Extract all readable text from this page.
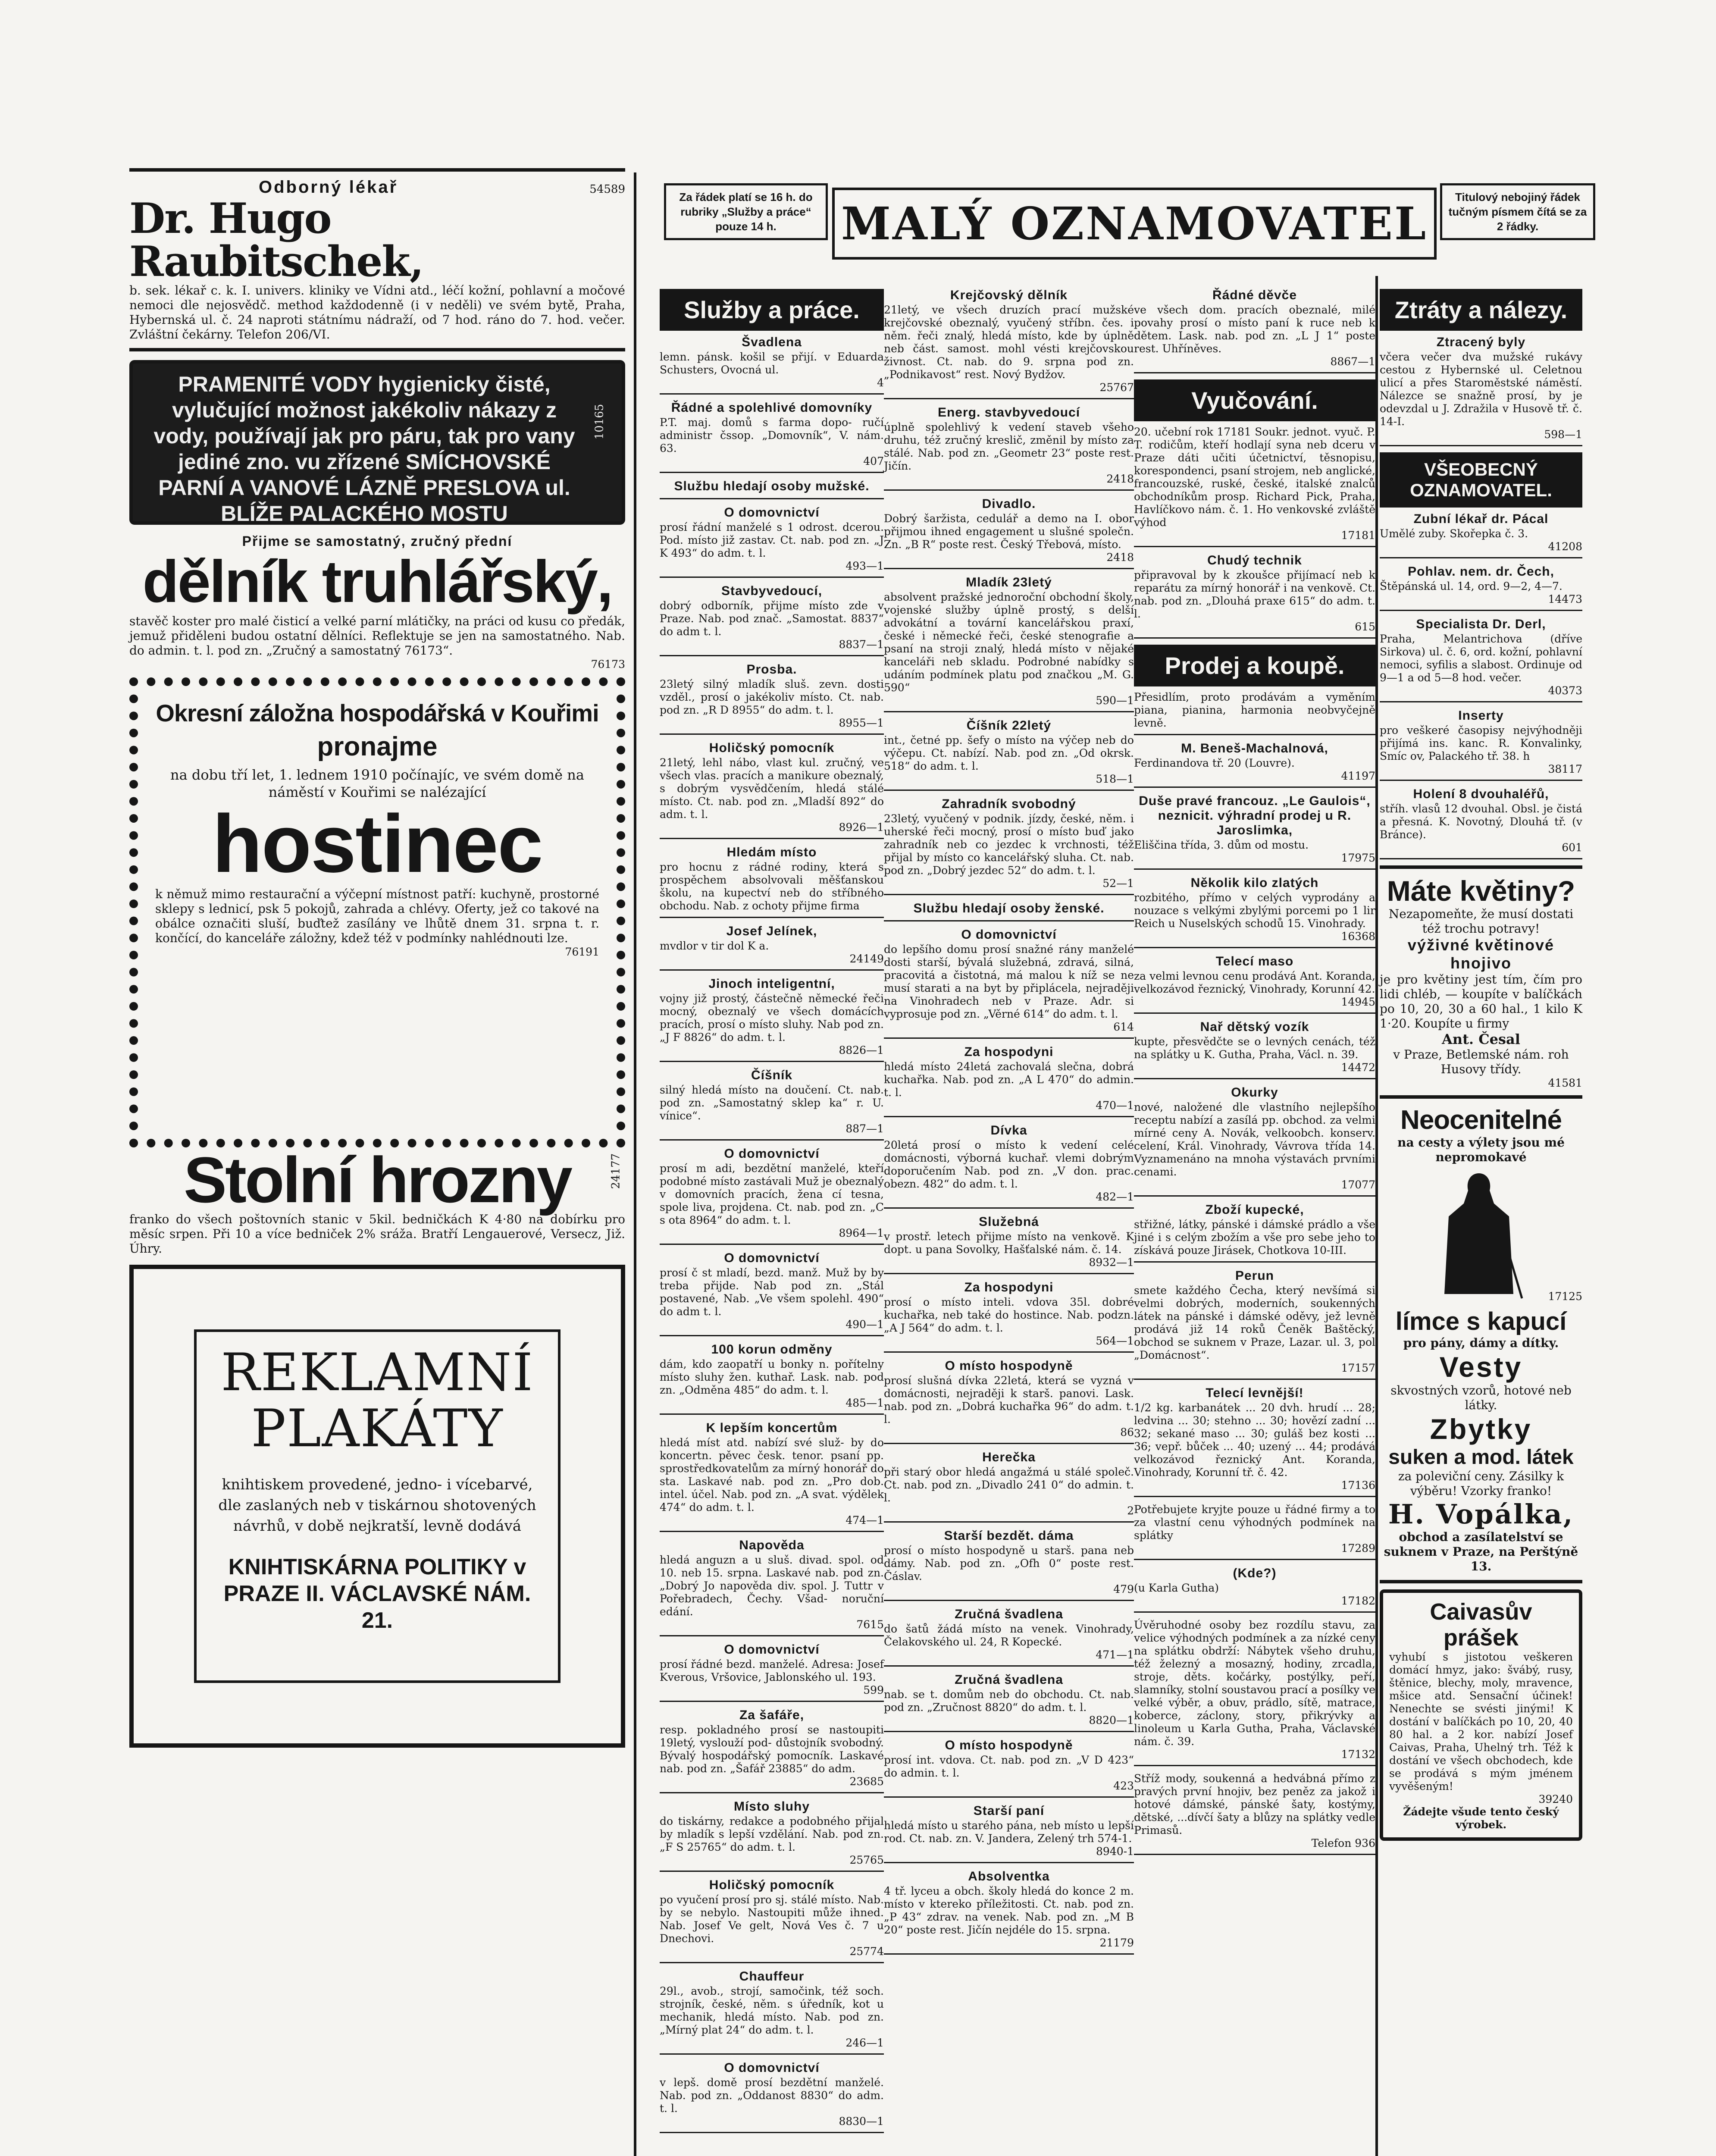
Za řádek platí se 16 h. do rubriky „Služby a práce“ pouze 14 h.	MALÝ OZNAMOVATEL	Titulový nebojiný řádek tučným písmem čítá se za 2 řádky.
Odborný lékař	54589
Dr. Hugo Raubitschek,
b. sek. lékař c. k. I. univers. kliniky ve Vídni atd., léčí kožní, pohlavní a močové nemoci dle nejosvědč. method každodenně (i v neděli) ve svém bytě, Praha, Hybernská ul. č. 24 naproti státnímu nádraží, od 7 hod. ráno do 7. hod. večer. Zvláštní čekárny. Telefon 206/VI.
PRAMENITÉ VODY hygienicky čisté, vylučující možnost jakékoliv nákazy z vody, používají jak pro páru, tak pro vany jediné zno. vu zřízené SMÍCHOVSKÉ PARNÍ A VANOVÉ LÁZNĚ PRESLOVA ul. BLÍŽE PALACKÉHO MOSTU
10165
Přijme se samostatný, zručný přední
dělník truhlářský,
stavěč koster pro malé čisticí a velké parní mlátičky, na práci od kusu co předák, jemuž přiděleni budou ostatní dělníci. Reflektuje se jen na samostatného. Nab. do admin. t. l. pod zn. „Zručný a samostatný 76173“.
76173
Okresní záložna hospodářská v Kouřimi
pronajme
na dobu tří let, 1. lednem 1910 počínajíc, ve svém domě na náměstí v Kouřimi se nalézající
hostinec
k němuž mimo restaurační a výčepní místnost patří: kuchyně, prostorné sklepy s lednicí, psk 5 pokojů, zahrada a chlévy. Oferty, jež co takové na obálce označiti sluší, buďtež zasílány ve lhůtě dnem 31. srpna t. r. končící, do kanceláře záložny, kdež též v podmínky nahlédnouti lze.
76191
Stolní hrozny	24177
franko do všech poštovních stanic v 5kil. bedničkách K 4·80 na dobírku pro měsíc srpen. Při 10 a více bedniček 2% sráža. Bratří Lengauerové, Versecz, Již. Úhry.
REKLAMNÍ PLAKÁTY
knihtiskem provedené, jedno- i vícebarvé, dle zaslaných neb v tiskárnou shotovených návrhů, v době nejkratší, levně dodává
KNIHTISKÁRNA POLITIKY v PRAZE II. VÁCLAVSKÉ NÁM. 21.
Služby a práce.
Švadlena
lemn. pánsk. košil se přijí. v Eduarda Schusters, Ovocná ul.
4
Řádné a spolehlivé domovníky
P.T. maj. domů s farma dopo- ručí administr čssop. „Domovník“, V. nám. 63.
407
Službu hledají osoby mužské.
O domovnictví
prosí řádní manželé s 1 odrost. dcerou. Pod. místo již zastav. Ct. nab. pod zn. „J K 493“ do adm. t. l.
493—1
Stavbyvedoucí,
dobrý odborník, přijme místo zde v Praze. Nab. pod znač. „Samostat. 8837“ do adm t. l.
8837—1
Prosba.
23letý silný mladík sluš. zevn. dosti vzděl., prosí o jakékoliv místo. Ct. nab. pod zn. „R D 8955“ do adm. t. l.
8955—1
Holičský pomocník
21letý, lehl nábo, vlast kul. zručný, ve všech vlas. pracích a manikure obeznalý, s dobrým vysvědčením, hledá stálé místo. Ct. nab. pod zn. „Mladší 892“ do adm. t. l.
8926—1
Hledám místo
pro hocnu z rádné rodiny, která s prospěchem absolvovali měšťanskou školu, na kupectví neb do stříbného obchodu. Nab. z ochoty přijme firma
Josef Jelínek,
mvdlor v tir dol K a.
24149
Jinoch inteligentní,
vojny již prostý, částečně německé řeči mocný, obeznalý ve všech domácích pracích, prosí o místo sluhy. Nab pod zn. „J F 8826“ do adm. t. l.
8826—1
Číšník
silný hledá místo na doučení. Ct. nab. pod zn. „Samostatný sklep ka“ r. U. vínice“.
887—1
O domovnictví
prosí m adi, bezdětní manželé, kteří podobné místo zastávali Muž je obeznalý v domovních pracích, žena cí tesna, spole liva, projdena. Ct. nab. pod zn. „C s ota 8964“ do adm. t. l.
8964—1
O domovnictví
prosí č st mladí, bezd. manž. Muž by by treba přijde. Nab pod zn. „Stál postavené, Nab. „Ve všem spolehl. 490“ do adm t. l.
490—1
100 korun odměny
dám, kdo zaopatří u bonky n. pořítelny místo sluhy žen. kuthař. Lask. nab. pod zn. „Odměna 485“ do adm. t. l.
485—1
K lepším koncertům
hledá míst atd. nabízí své služ- by do koncertn. pěvec česk. tenor. psaní pp. sprostředkovatelům za mírný honorář do sta. Laskavé nab. pod zn. „Pro dob. intel. účel. Nab. pod zn. „A svat. výdělek 474“ do adm. t. l.
474—1
Napověda
hledá anguzn a u sluš. divad. spol. od 10. neb 15. srpna. Laskavé nab. pod zn. „Dobrý Jo napověda div. spol. J. Tuttr v Pořebradech, Čechy. Všad- noruční edání.
7615
O domovnictví
prosí řádné bezd. manželé. Adresa: Josef Kverous, Vršovice, Jablonského ul. 193.
599
Za šafáře,
resp. pokladného prosí se nastoupiti 19letý, vyslouží pod- důstojník svobodný. Bývalý hospodářský pomocník. Laskavé nab. pod zn. „Šafář 23885“ do adm.
23685
Místo sluhy
do tiskárny, redakce a podobného přijal by mladík s lepší vzdělání. Nab. pod zn. „F S 25765“ do adm. t. l.
25765
Holičský pomocník
po vyučení prosí pro sj. stálé místo. Nab. by se nebylo. Nastoupiti může ihned. Nab. Josef Ve gelt, Nová Ves č. 7 u Dnechovi.
25774
Chauffeur
29l., avob., strojí, samočink, též soch. strojník, české, něm. s úředník, kot u mechanik, hledá místo. Nab. pod zn. „Mírný plat 24“ do adm. t. l.
246—1
O domovnictví
v lepš. domě prosí bezdětní manželé. Nab. pod zn. „Oddanost 8830“ do adm. t. l.
8830—1
Krejčovský dělník
21letý, ve všech druzích prací mužské krejčovské obeznalý, vyučený stříbn. čes. i něm. řeči znalý, hledá místo, kde by úplně neb část. samost. mohl vésti krejčovskou živnost. Ct. nab. do 9. srpna pod zn. „Podnikavost“ rest. Nový Bydžov.
25767
Energ. stavbyvedoucí
úplně spolehlivý k vedení staveb všeho druhu, též zručný kreslič, změnil by místo za stálé. Nab. pod zn. „Geometr 23“ poste rest. Jičín.
2418
Divadlo.
Dobrý šaržista, cedulář a demo na I. obor přijmou ihned engagement u slušné společn. Zn. „B R“ poste rest. Český Třebová, místo.
2418
Mladík 23letý
absolvent pražské jednoroční obchodní školy, vojenské služby úplně prostý, s delší advokátní a tovární kancelářskou praxí, české i německé řeči, české stenografie a psaní na stroji znalý, hledá místo v nějaké kanceláři neb skladu. Podrobné nabídky s udáním podmínek platu pod značkou „M. G. 590“
590—1
Číšník 22letý
int., četné pp. šefy o místo na výčep neb do výčepu. Ct. nabízí. Nab. pod zn. „Od okrsk. 518“ do adm. t. l.
518—1
Zahradník svobodný
23letý, vyučený v podnik. jízdy, české, něm. i uherské řeči mocný, prosí o místo buď jako zahradník neb co jezdec k vrchnosti, též přijal by místo co kancelářský sluha. Ct. nab. pod zn. „Dobrý jezdec 52“ do adm. t. l.
52—1
Službu hledají osoby ženské.
O domovnictví
do lepšího domu prosí snažné rány manželé dosti starší, bývalá služebná, zdravá, silná, pracovitá a čistotná, má malou k níž se ne musí starati a na byt by připlácela, nejraději na Vinohradech neb v Praze. Adr. si vyprosuje pod zn. „Věrné 614“ do adm. t. l.
614
Za hospodyni
hledá místo 24letá zachovalá slečna, dobrá kuchařka. Nab. pod zn. „A L 470“ do admin. t. l.
470—1
Dívka
20letá prosí o místo k vedení celé domácnosti, výborná kuchař. vlemi dobrým doporučením Nab. pod zn. „V don. prac. obezn. 482“ do adm. t. l.
482—1
Služebná
v prostř. letech přijme místo na venkově. K dopt. u pana Sovolky, Hašťalské nám. č. 14.
8932—1
Za hospodyni
prosí o místo inteli. vdova 35l. dobré kuchařka, neb také do hostince. Nab. podzn. „A J 564“ do adm. t. l.
564—1
O místo hospodyně
prosí slušná dívka 22letá, která se vyzná v domácnosti, nejraději k starš. panovi. Lask. nab. pod zn. „Dobrá kuchařka 96“ do adm. t. l.
86
Herečka
při starý obor hledá angažmá u stálé společ. Ct. nab. pod zn. „Divadlo 241 0“ do admin. t. l.
2
Starší bezdět. dáma
prosí o místo hospodyně u starš. pana neb dámy. Nab. pod zn. „Ofh 0“ poste rest. Čáslav.
479
Zručná švadlena
do šatů žádá místo na venek. Vinohrady, Čelakovského ul. 24, R Kopecké.
471—1
Zručná švadlena
nab. se t. domům neb do obchodu. Ct. nab. pod zn. „Zručnost 8820“ do adm. t. l.
8820—1
O místo hospodyně
prosí int. vdova. Ct. nab. pod zn. „V D 423“ do admin. t. l.
423
Starší paní
hledá místo u starého pána, neb místo u lepší rod. Ct. nab. zn. V. Jandera, Zelený trh 574-1.
8940-1
Absolventka
4 tř. lyceu a obch. školy hledá do konce 2 m. místo v ktereko příležitosti. Ct. nab. pod zn. „P 43“ zdrav. na venek. Nab. pod zn. „M B 20“ poste rest. Jičín nejdéle do 15. srpna.
21179
Řádné děvče
ve všech dom. pracích obeznalé, milé povahy prosí o místo paní k ruce neb k dětem. Lask. nab. pod zn. „L J 1“ poste rest. Uhříněves.
8867—1
Vyučování.
20. učební rok 17181 Soukr. jednot. vyuč. P. T. rodičům, kteří hodlají syna neb dceru v Praze dáti učiti účetnictví, těsnopisu, korespondenci, psaní strojem, neb anglické, francouzské, ruské, české, italské znalců obchodníkům prosp. Richard Pick, Praha, Havlíčkovo nám. č. 1. Ho venkovské zvláště výhod
17181
Chudý technik
připravoval by k zkoušce přijímací neb k reparátu za mírný honorář i na venkově. Ct. nab. pod zn. „Dlouhá praxe 615“ do adm. t. l.
615
Prodej a koupě.
Přesidlím, proto prodávám a vyměním piana, pianina, harmonia neobvyčejně levně.
M. Beneš-Machalnová,
Ferdinandova tř. 20 (Louvre).
41197
Duše pravé francouz. „Le Gaulois“, neznicit. výhradní prodej u R. Jaroslimka,
Eliščina třída, 3. dům od mostu.
17975
Několik kilo zlatých
rozbitého, přímo v celých vyprodány a nouzace s velkými zbylými porcemi po 1 lir Reich u Nuselských schodů 15. Vinohrady.
16368
Telecí maso
za velmi levnou cenu prodává Ant. Koranda, velkozávod řeznický, Vinohrady, Korunní 42.
14945
Nař dětský vozík
kupte, přesvědčte se o levných cenách, též na splátky u K. Gutha, Praha, Václ. n. 39.
14472
Okurky
nové, naložené dle vlastního nejlepšího receptu nabízí a zasílá pp. obchod. za velmi mírné ceny A. Novák, velkoobch. konserv. celení, Král. Vinohrady, Vávrova třída 14. Vyznamenáno na mnoha výstavách prvními cenami.
17077
Zboží kupecké,
střižné, látky, pánské i dámské prádlo a vše jiné i s celým zbožím a vše pro sebe jeho to získává pouze Jirásek, Chotkova 10-III.
Perun
smete každého Čecha, který nevšímá si velmi dobrých, moderních, soukenných látek na pánské i dámské oděvy, jež levně prodává již 14 roků Čeněk Baštěcký, obchod se suknem v Praze, Lazar. ul. 3, pol „Domácnost“.
17157
Telecí levnější!
1/2 kg. karbanátek ... 20 dvh. hrudí ... 28; ledvina ... 30; stehno ... 30; hovězí zadní ... 32; sekané maso ... 30; guláš bez kosti ... 36; vepř. bůček ... 40; uzený ... 44; prodává velkozávod řeznický Ant. Koranda, Vinohrady, Korunní tř. č. 42.
17136
Potřebujete kryjte pouze u řádné firmy a to za vlastní cenu výhodných podmínek na splátky
17289
(Kde?)
(u Karla Gutha)
17182
Úvěruhodné osoby bez rozdílu stavu, za velice výhodných podmínek a za nízké ceny na splátku obdrží: Nábytek všeho druhu, též železný a mosazný, hodiny, zrcadla, stroje, děts. kočárky, postýlky, peří, slamníky, stolní soustavou prací a posílky ve velké výběr, a obuv, prádlo, sítě, matrace, koberce, záclony, story, přikrývky a linoleum u Karla Gutha, Praha, Václavské nám. č. 39.
17132
Stříž mody, soukenná a hedvábná přímo z pravých první hnojiv, bez peněz za jakož i hotové dámské, pánské šaty, kostýmy, dětské, ...dívčí šaty a blůzy na splátky vedle Primasů.
Telefon 936
Ztráty a nálezy.
Ztracený byly
včera večer dva mužské rukávy cestou z Hybernské ul. Celetnou ulicí a přes Staroměstské náměstí. Nálezce se snažně prosí, by je odevzdal u J. Zdražila v Husově tř. č. 14-I.
598—1
VŠEOBECNÝ OZNAMOVATEL.
Zubní lékař dr. Pácal
Umělé zuby. Skořepka č. 3.
41208
Pohlav. nem. dr. Čech,
Štěpánská ul. 14, ord. 9—2, 4—7.
14473
Specialista Dr. Derl,
Praha, Melantrichova (dříve Sirkova) ul. č. 6, ord. kožní, pohlavní nemoci, syfilis a slabost. Ordinuje od 9—1 a od 5—8 hod. večer.
40373
Inserty
pro veškeré časopisy nejvýhodněji přijímá ins. kanc. R. Konvalinky, Smíc ov, Palackého tř. 38. h
38117
Holení 8 dvouhaléřů,
stříh. vlasů 12 dvouhal. Obsl. je čistá a přesná. K. Novotný, Dlouhá tř. (v Bránce).
601
Máte květiny?
Nezapomeňte, že musí dostati též trochu potravy!
výživné květinové hnojivo
je pro květiny jest tím, čím pro lidi chléb, — koupíte v balíčkách po 10, 20, 30 a 60 hal., 1 kilo K 1·20. Koupíte u firmy
Ant. Česal
v Praze, Betlemské nám. roh Husovy třídy.
41581
Neocenitelné
na cesty a výlety jsou mé nepromokavé
17125
límce s kapucí
pro pány, dámy a dítky.
Vesty
skvostných vzorů, hotové neb látky.
Zbytky
suken a mod. látek
za poleviční ceny. Zásilky k výběru! Vzorky franko!
H. Vopálka,
obchod a zasílatelství se suknem v Praze, na Perštýně 13.
Caivasův prášek
vyhubí s jistotou veškeren domácí hmyz, jako: švábý, rusy, štěnice, blechy, moly, mravence, mšice atd. Sensační účinek! Nenechte se svésti jinými! K dostání v balíčkách po 10, 20, 40 80 hal. a 2 kor. nabízí Josef Caivas, Praha, Uhelný trh. Též k dostání ve všech obchodech, kde se prodává s mým jménem vyvěšeným!
39240
Žádejte všude tento český výrobek.
